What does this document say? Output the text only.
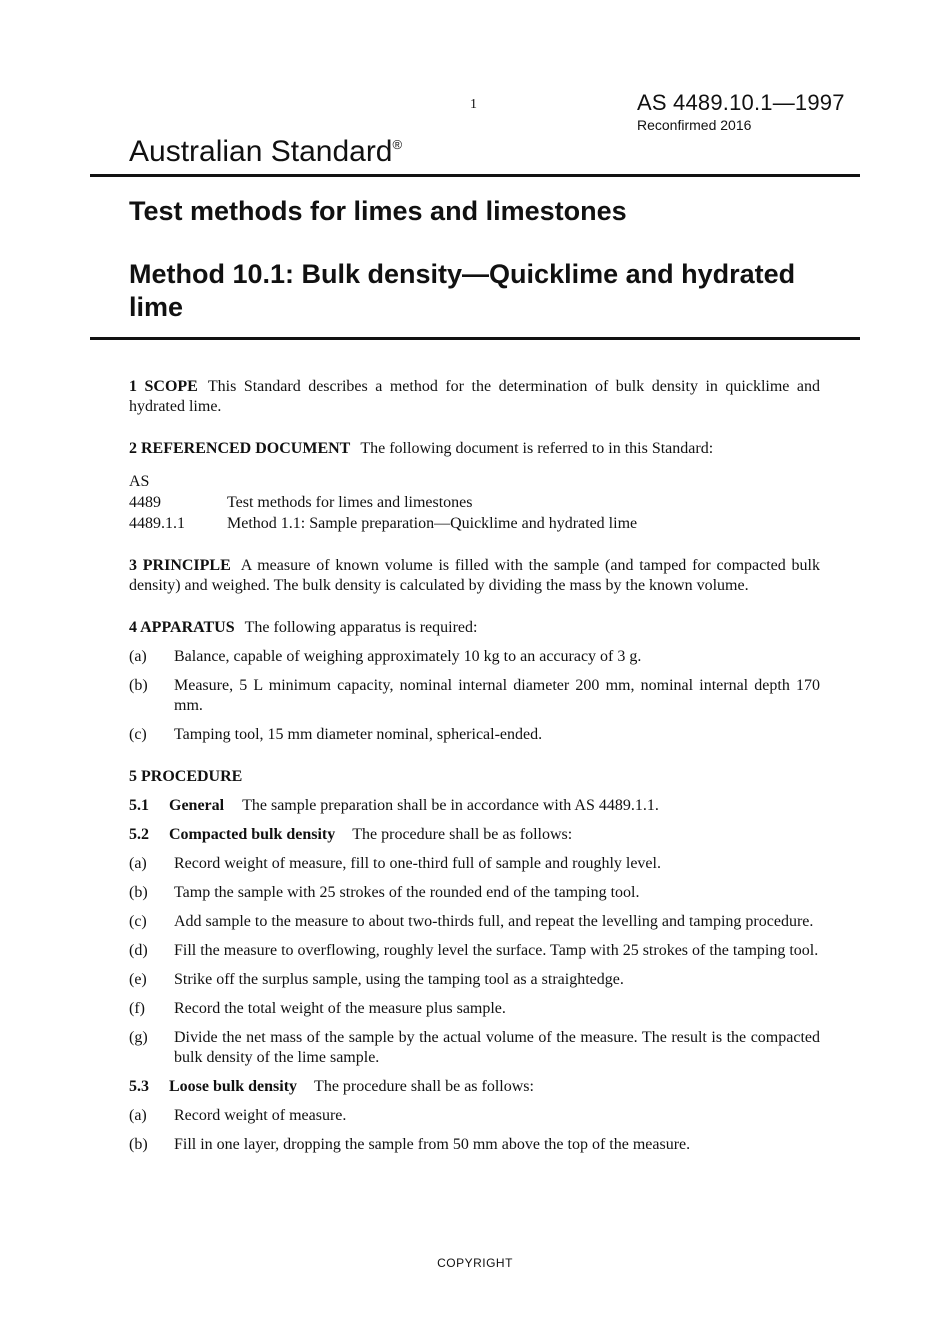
1	AS 4489.10.1—1997
Reconfirmed 2016
Australian Standard®
Test methods for limes and limestones
Method 10.1: Bulk density—Quicklime and hydrated lime

1 SCOPE This Standard describes a method for the determination of bulk density in quicklime and hydrated lime.

2 REFERENCED DOCUMENT The following document is referred to in this Standard:

AS
4489	Test methods for limes and limestones
4489.1.1	Method 1.1: Sample preparation—Quicklime and hydrated lime

3 PRINCIPLE A measure of known volume is filled with the sample (and tamped for compacted bulk density) and weighed. The bulk density is calculated by dividing the mass by the known volume.

4 APPARATUS The following apparatus is required:

(a)	Balance, capable of weighing approximately 10 kg to an accuracy of 3 g.
(b)	Measure, 5 L minimum capacity, nominal internal diameter 200 mm, nominal internal depth 170 mm.
(c)	Tamping tool, 15 mm diameter nominal, spherical-ended.
5 PROCEDURE
5.1 General The sample preparation shall be in accordance with AS 4489.1.1.
5.2 Compacted bulk density The procedure shall be as follows:
(a)	Record weight of measure, fill to one-third full of sample and roughly level.
(b)	Tamp the sample with 25 strokes of the rounded end of the tamping tool.
(c)	Add sample to the measure to about two-thirds full, and repeat the levelling and tamping procedure.
(d)	Fill the measure to overflowing, roughly level the surface. Tamp with 25 strokes of the tamping tool.
(e)	Strike off the surplus sample, using the tamping tool as a straightedge.
(f)	Record the total weight of the measure plus sample.
(g)	Divide the net mass of the sample by the actual volume of the measure. The result is the compacted bulk density of the lime sample.
5.3 Loose bulk density The procedure shall be as follows:
(a)	Record weight of measure.
(b)	Fill in one layer, dropping the sample from 50 mm above the top of the measure.
COPYRIGHT
